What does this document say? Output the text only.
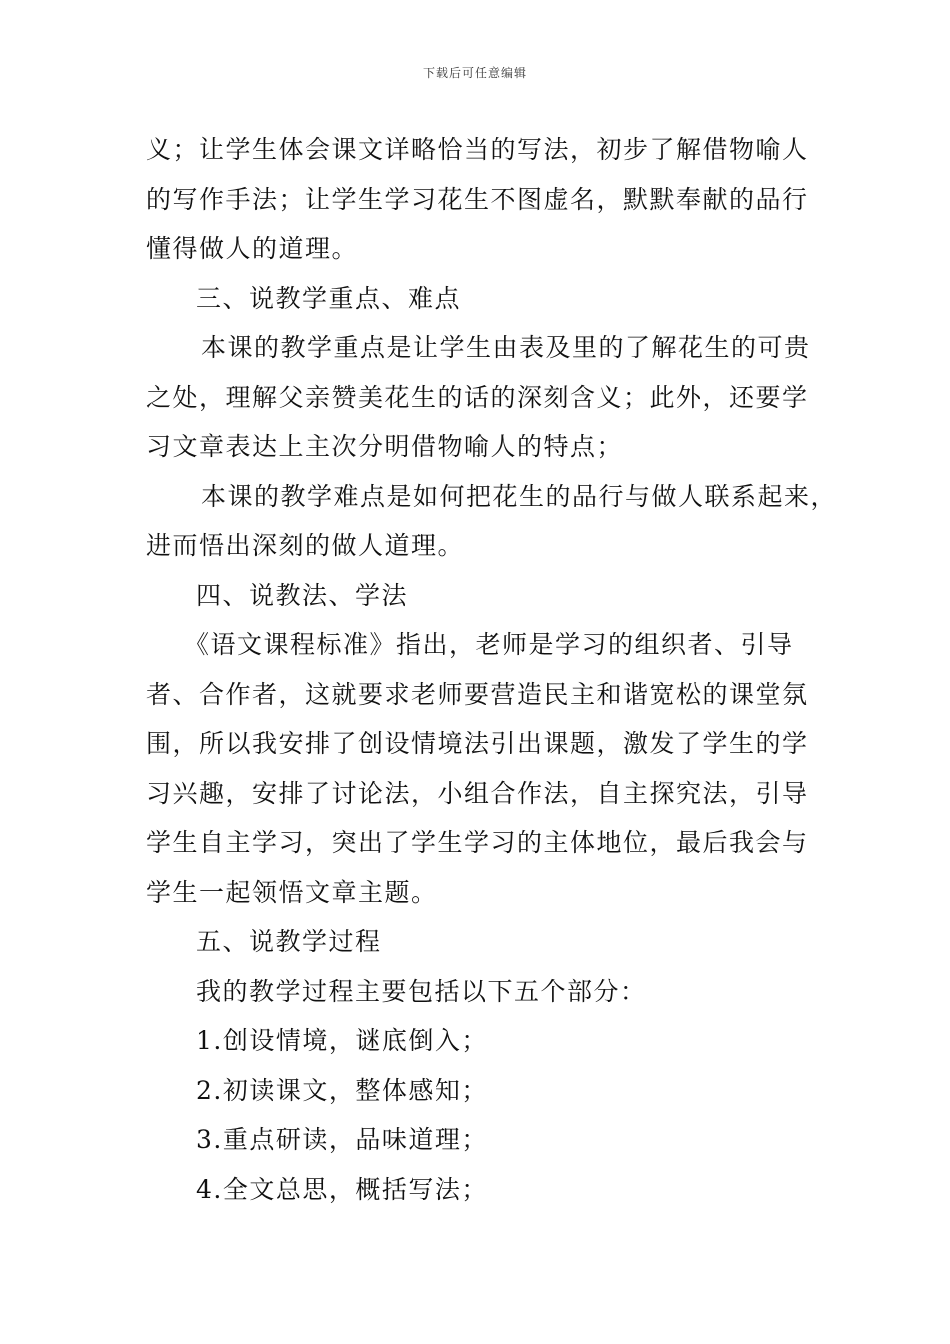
下载后可任意编辑
义；让学生体会课文详略恰当的写法，初步了解借物喻人
的写作手法；让学生学习花生不图虚名，默默奉献的品行
懂得做人的道理。
三、说教学重点、难点
本课的教学重点是让学生由表及里的了解花生的可贵
之处，理解父亲赞美花生的话的深刻含义；此外，还要学
习文章表达上主次分明借物喻人的特点；
本课的教学难点是如何把花生的品行与做人联系起来，
进而悟出深刻的做人道理。
四、说教法、学法
《语文课程标准》指出，老师是学习的组织者、引导
者、合作者，这就要求老师要营造民主和谐宽松的课堂氛
围，所以我安排了创设情境法引出课题，激发了学生的学
习兴趣，安排了讨论法，小组合作法，自主探究法，引导
学生自主学习，突出了学生学习的主体地位，最后我会与
学生一起领悟文章主题。
五、说教学过程
我的教学过程主要包括以下五个部分：
1.创设情境，谜底倒入；
2.初读课文，整体感知；
3.重点研读，品味道理；
4.全文总思，概括写法；
